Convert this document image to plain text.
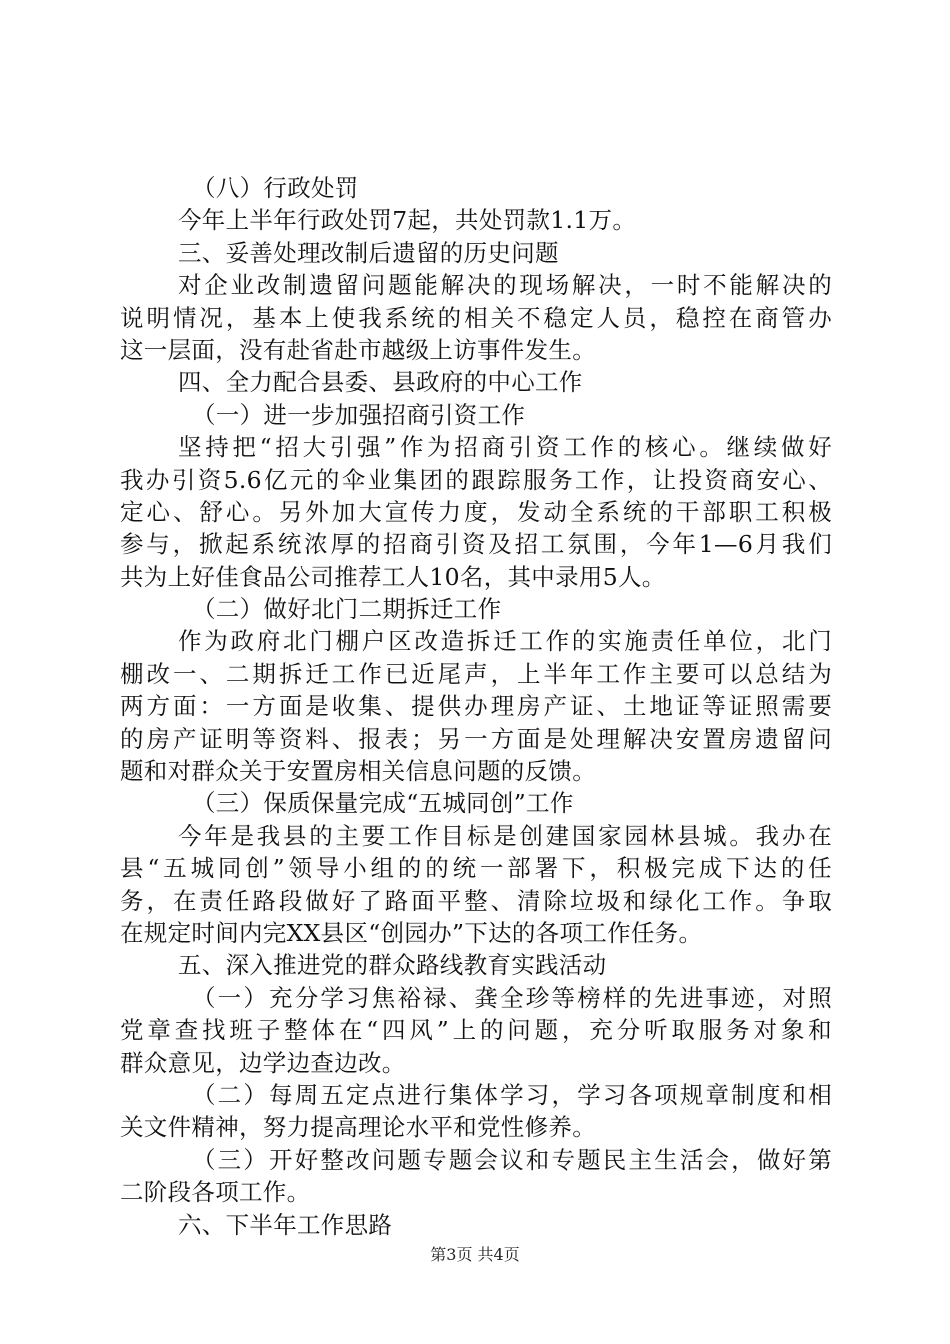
（八）行政处罚
今年上半年行政处罚7起，共处罚款1.1万。
三、妥善处理改制后遗留的历史问题
对企业改制遗留问题能解决的现场解决，一时不能解决的
说明情况，基本上使我系统的相关不稳定人员，稳控在商管办
这一层面，没有赴省赴市越级上访事件发生。
四、全力配合县委、县政府的中心工作
（一）进一步加强招商引资工作
坚持把“招大引强”作为招商引资工作的核心。继续做好
我办引资5.6亿元的伞业集团的跟踪服务工作，让投资商安心、
定心、舒心。另外加大宣传力度，发动全系统的干部职工积极
参与，掀起系统浓厚的招商引资及招工氛围，今年1—6月我们
共为上好佳食品公司推荐工人10名，其中录用5人。
（二）做好北门二期拆迁工作
作为政府北门棚户区改造拆迁工作的实施责任单位，北门
棚改一、二期拆迁工作已近尾声，上半年工作主要可以总结为
两方面：一方面是收集、提供办理房产证、土地证等证照需要
的房产证明等资料、报表；另一方面是处理解决安置房遗留问
题和对群众关于安置房相关信息问题的反馈。
（三）保质保量完成“五城同创”工作
今年是我县的主要工作目标是创建国家园林县城。我办在
县“五城同创”领导小组的的统一部署下，积极完成下达的任
务，在责任路段做好了路面平整、清除垃圾和绿化工作。争取
在规定时间内完XX县区“创园办”下达的各项工作任务。
五、深入推进党的群众路线教育实践活动
（一）充分学习焦裕禄、龚全珍等榜样的先进事迹，对照
党章查找班子整体在“四风”上的问题，充分听取服务对象和
群众意见，边学边查边改。
（二）每周五定点进行集体学习，学习各项规章制度和相
关文件精神，努力提高理论水平和党性修养。
（三）开好整改问题专题会议和专题民主生活会，做好第
二阶段各项工作。
六、下半年工作思路
第3页 共4页
